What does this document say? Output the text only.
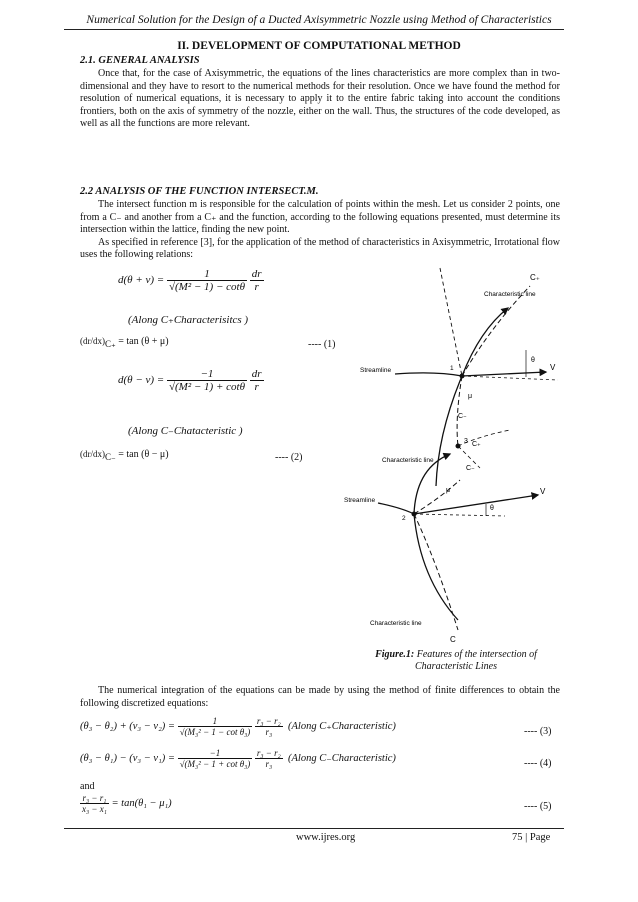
Numerical Solution for the Design of a Ducted Axisymmetric Nozzle using Method of Characteristics
II. DEVELOPMENT OF COMPUTATIONAL METHOD
2.1. GENERAL ANALYSIS

Once that, for the case of Axisymmetric, the equations of the lines characteristics are more complex than in two-dimensional and they have to resort to the numerical methods for their resolution. Once we have found the method for resolution of numerical equations, it is necessary to apply it to the entire fabric taking into account the conditions frontiers, both on the axis of symmetry of the nozzle, either on the wall. Thus, the structures of the code developed, as well as all the functions are more relevant.

2.2 ANALYSIS OF THE FUNCTION INTERSECT.M.

The intersect function m is responsible for the calculation of points within the mesh. Let us consider 2 points, one from a C₋ and another from a C₊ and the function, according to the following equations presented, must determine its intersection within the lattice, finding the new point.

As specified in reference [3], for the application of the method of characteristics in Axisymmetric, Irrotational flow uses the following relations:

$d(\theta + \nu) = \frac{1}{\text{√(M² − 1) − cotθ}}$
$\frac{dr}{r}$
(Along C₊Characterisitcs )
$(dr/dx)_{C_+} = \tan (\theta + \mu)$	---- (1)
$d(\theta - \nu) = \frac{-1}{\text{√(M² − 1) + cotθ}}$
$\frac{dr}{r}$
(Along C₋Chatacteristic )
$(dr/dx)_{C_-} = \tan (\theta - \mu)$	---- (2)
C₊
Characteristic line
Streamline	1	V
θ
μ
C₋
Characteristic line
3 C₊
C₋
μ
Streamline
2
V
θ
Characteristic line
C
Figure.1: Features of the intersection of Characteristic Lines

The numerical integration of the equations can be made by using the method of finite differences to obtain the following discretized equations:

$(\theta_3 - \theta_2) + (\nu_3 - \nu_2) = \frac{1}{\text{√(M₃² − 1 − cot θ₃)}}$
$\frac{\text{r₃ − r₂}}{\text{r₃}}$ (Along C₊Characteristic)	---- (3)
$(\theta_3 - \theta_1) - (\nu_3 - \nu_1) = \frac{-1}{\text{√(M₃² − 1 + cot θ₃)}}$
$\frac{\text{r₃ − r₂}}{\text{r₃}}$ (Along C₋Characteristic)	---- (4)
and
$\frac{\text{r₃ − r₁}}{\text{x₃ − x₁}} = \tan(\theta_1 - \mu_1)$	---- (5)
www.ijres.org	75 | Page
